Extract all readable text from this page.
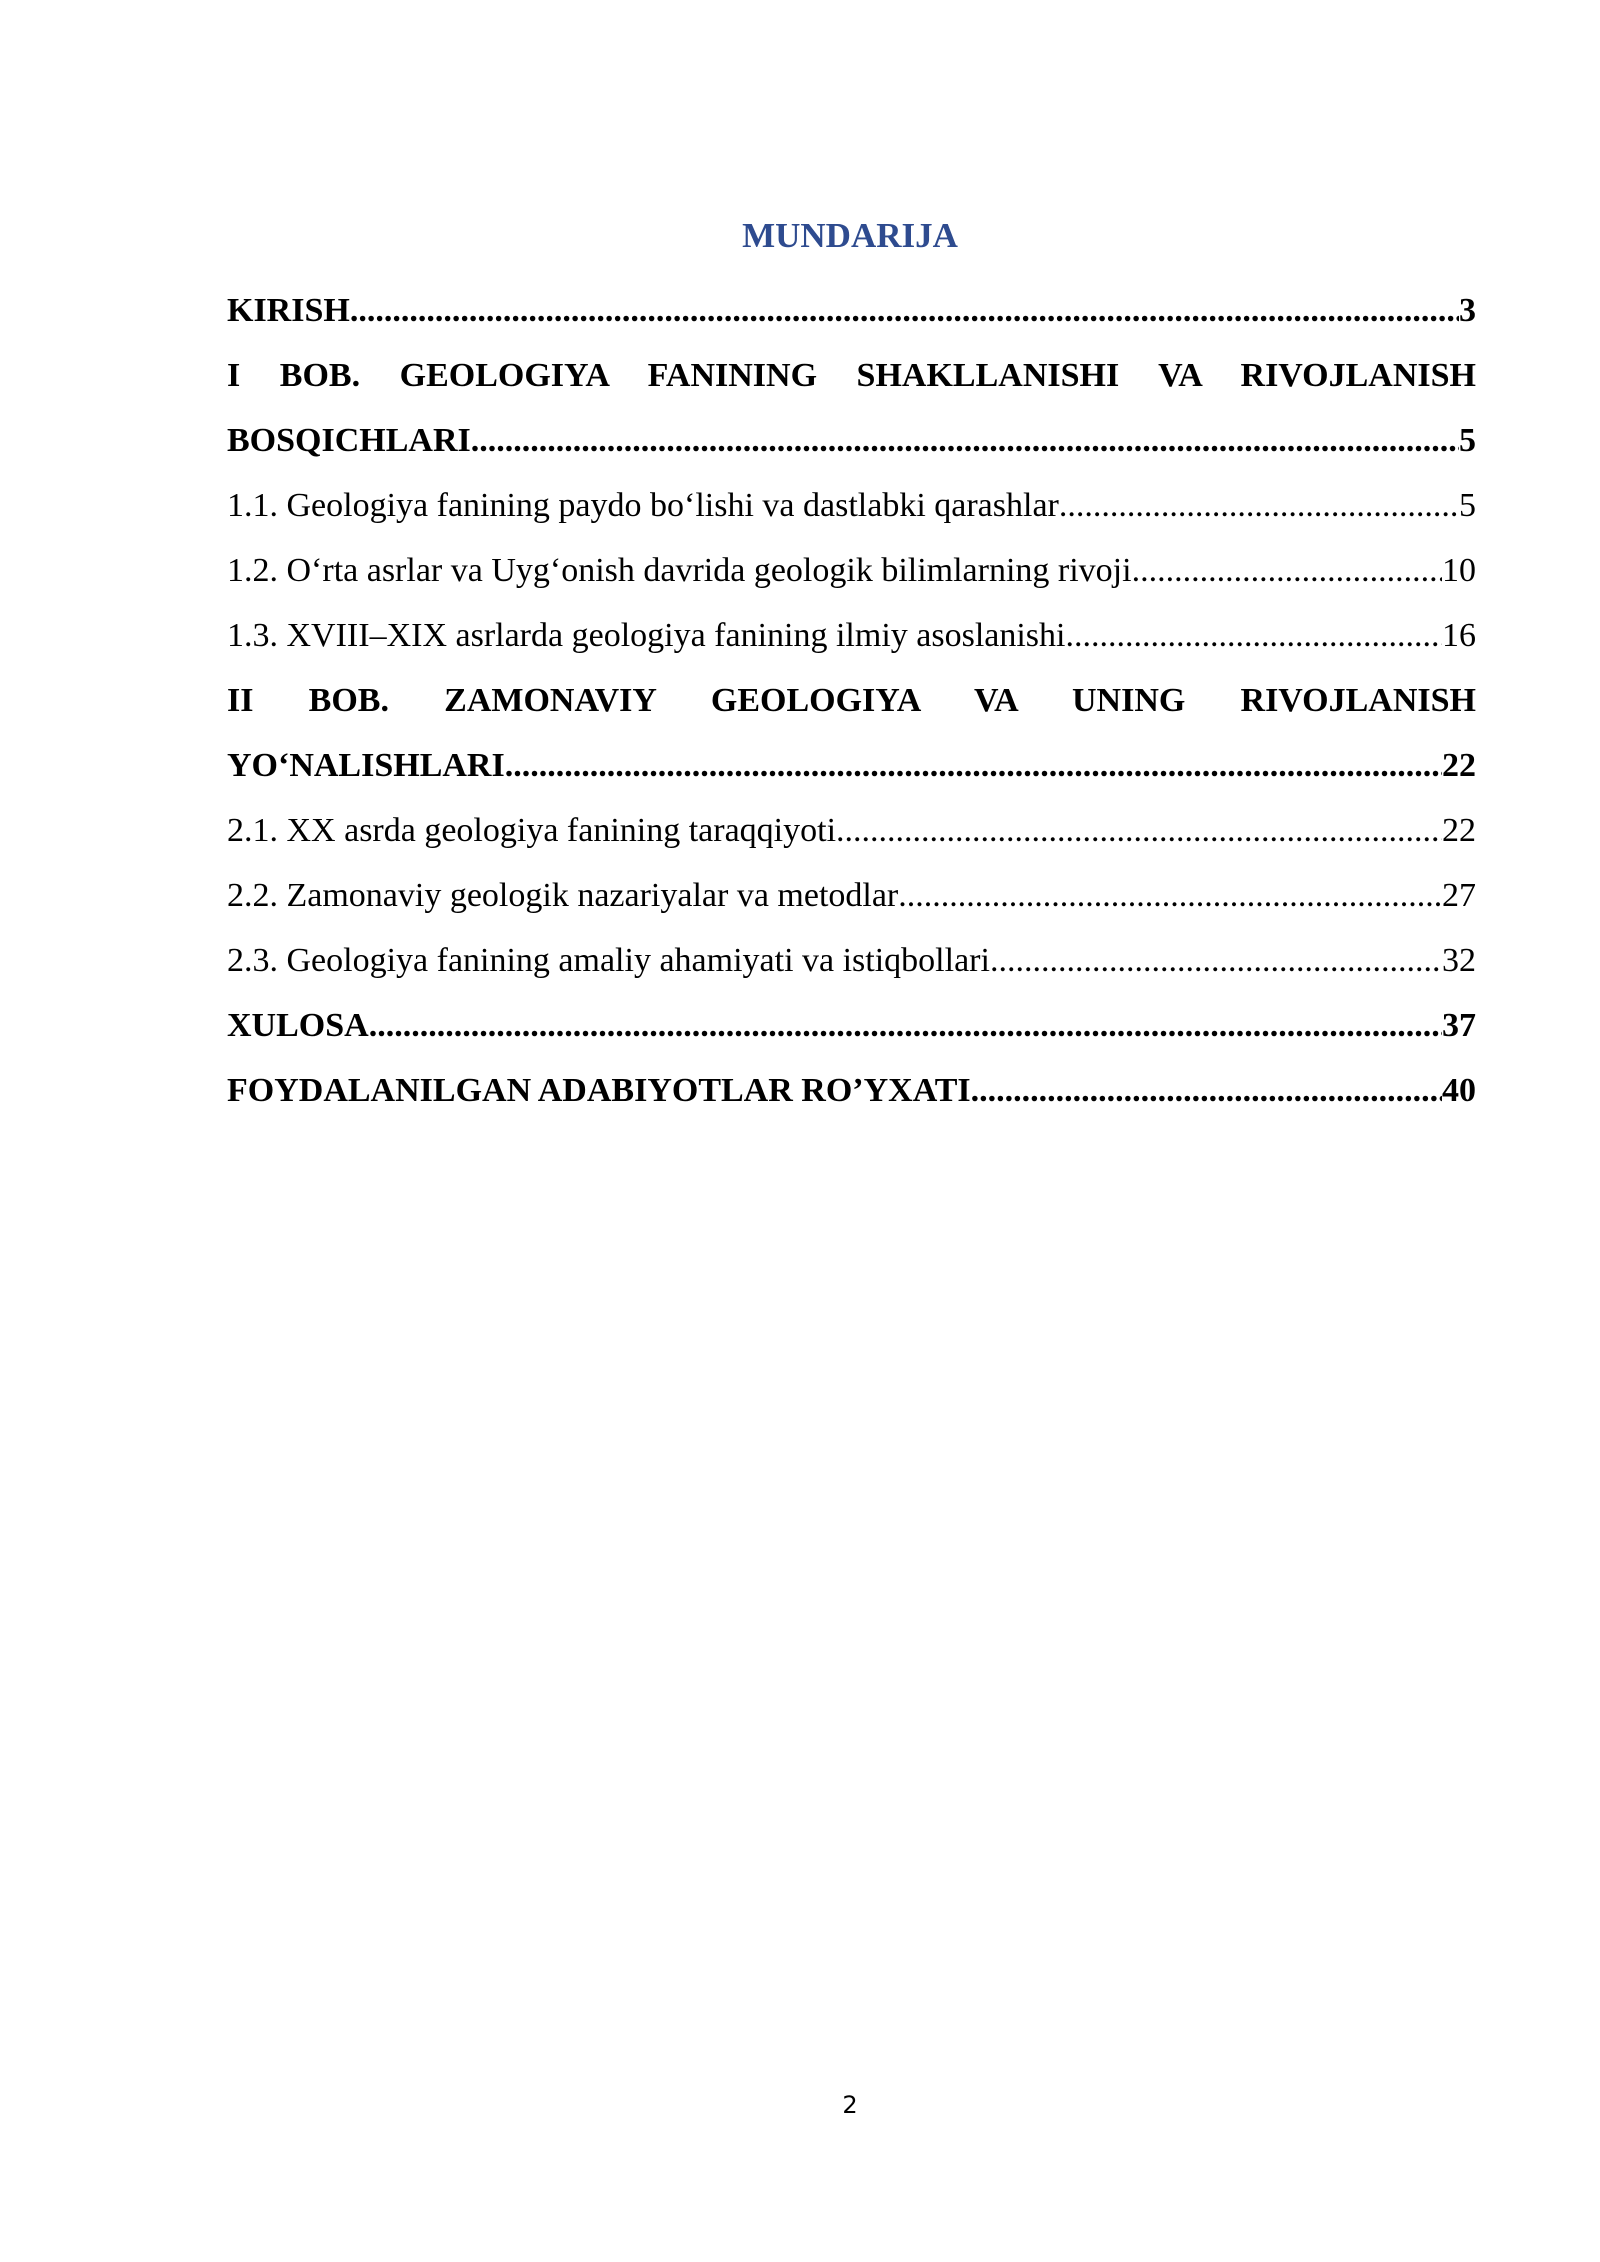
MUNDARIJA
KIRISH .....	3
I BOB. GEOLOGIYA FANINING SHAKLLANISHI VA RIVOJLANISH
BOSQICHLARI .....	5
1.1. Geologiya fanining paydo bo‘lishi va dastlabki qarashlar .....	5
1.2. O‘rta asrlar va Uyg‘onish davrida geologik bilimlarning rivoji .....	10
1.3. XVIII–XIX asrlarda geologiya fanining ilmiy asoslanishi .....	16
II BOB. ZAMONAVIY GEOLOGIYA VA UNING RIVOJLANISH
YO‘NALISHLARI .....	22
2.1. XX asrda geologiya fanining taraqqiyoti .....	22
2.2. Zamonaviy geologik nazariyalar va metodlar .....	27
2.3. Geologiya fanining amaliy ahamiyati va istiqbollari .....	32
XULOSA .....	37
FOYDALANILGAN ADABIYOTLAR RO’YXATI .....	40
2
